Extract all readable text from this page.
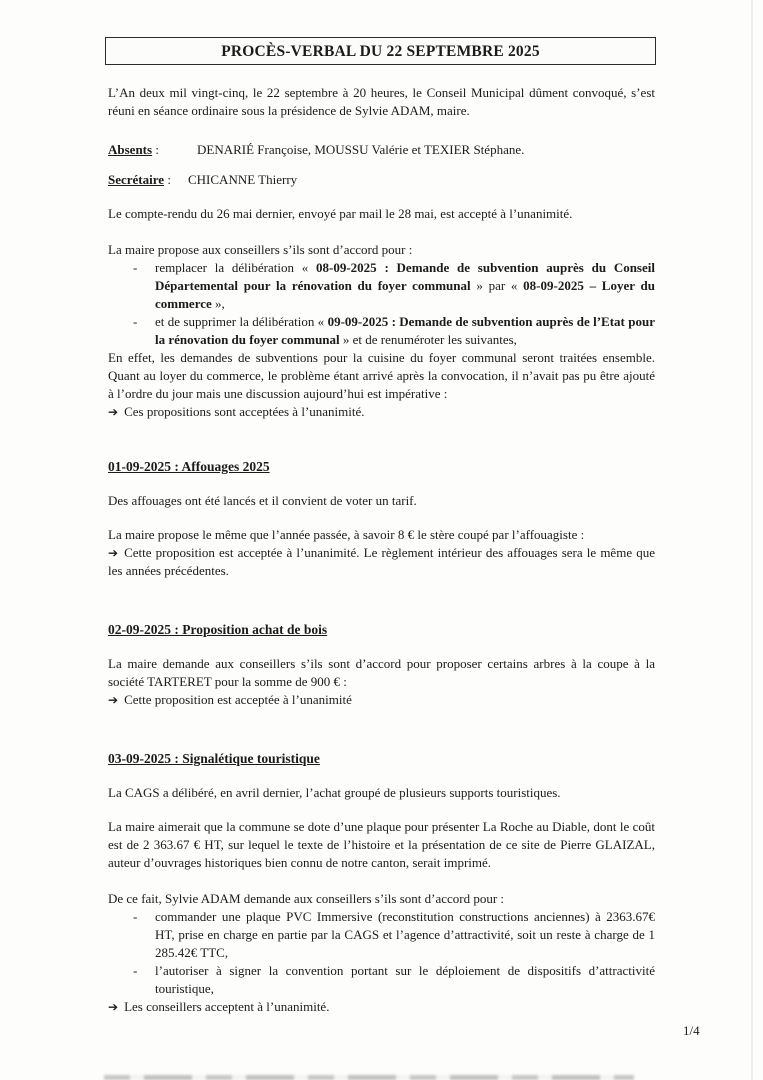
PROCÈS-VERBAL DU 22 SEPTEMBRE 2025

L’An deux mil vingt-cinq, le 22 septembre à 20 heures, le Conseil Municipal dûment convoqué, s’est réuni en séance ordinaire sous la présidence de Sylvie ADAM, maire.

Absents :	DENARIÉ Françoise, MOUSSU Valérie et TEXIER Stéphane.
Secrétaire :	CHICANNE Thierry

Le compte-rendu du 26 mai dernier, envoyé par mail le 28 mai, est accepté à l’unanimité.

La maire propose aux conseillers s’ils sont d’accord pour :

- remplacer la délibération « 08-09-2025 : Demande de subvention auprès du Conseil Départemental pour la rénovation du foyer communal » par « 08-09-2025 – Loyer du commerce »,
- et de supprimer la délibération « 09-09-2025 : Demande de subvention auprès de l’Etat pour la rénovation du foyer communal » et de renuméroter les suivantes,

En effet, les demandes de subventions pour la cuisine du foyer communal seront traitées ensemble. Quant au loyer du commerce, le problème étant arrivé après la convocation, il n’avait pas pu être ajouté à l’ordre du jour mais une discussion aujourd’hui est impérative :

➔ Ces propositions sont acceptées à l’unanimité.

01-09-2025 : Affouages 2025

Des affouages ont été lancés et il convient de voter un tarif.

La maire propose le même que l’année passée, à savoir 8 € le stère coupé par l’affouagiste :

➔ Cette proposition est acceptée à l’unanimité. Le règlement intérieur des affouages sera le même que les années précédentes.

02-09-2025 : Proposition achat de bois

La maire demande aux conseillers s’ils sont d’accord pour proposer certains arbres à la coupe à la société TARTERET pour la somme de 900 € :

➔ Cette proposition est acceptée à l’unanimité

03-09-2025 : Signalétique touristique

La CAGS a délibéré, en avril dernier, l’achat groupé de plusieurs supports touristiques.

La maire aimerait que la commune se dote d’une plaque pour présenter La Roche au Diable, dont le coût est de 2 363.67 € HT, sur lequel le texte de l’histoire et la présentation de ce site de Pierre GLAIZAL, auteur d’ouvrages historiques bien connu de notre canton, serait imprimé.

De ce fait, Sylvie ADAM demande aux conseillers s’ils sont d’accord pour :

- commander une plaque PVC Immersive (reconstitution constructions anciennes) à 2363.67€ HT, prise en charge en partie par la CAGS et l’agence d’attractivité, soit un reste à charge de 1 285.42€ TTC,
- l’autoriser à signer la convention portant sur le déploiement de dispositifs d’attractivité touristique,

➔ Les conseillers acceptent à l’unanimité.

1/4
